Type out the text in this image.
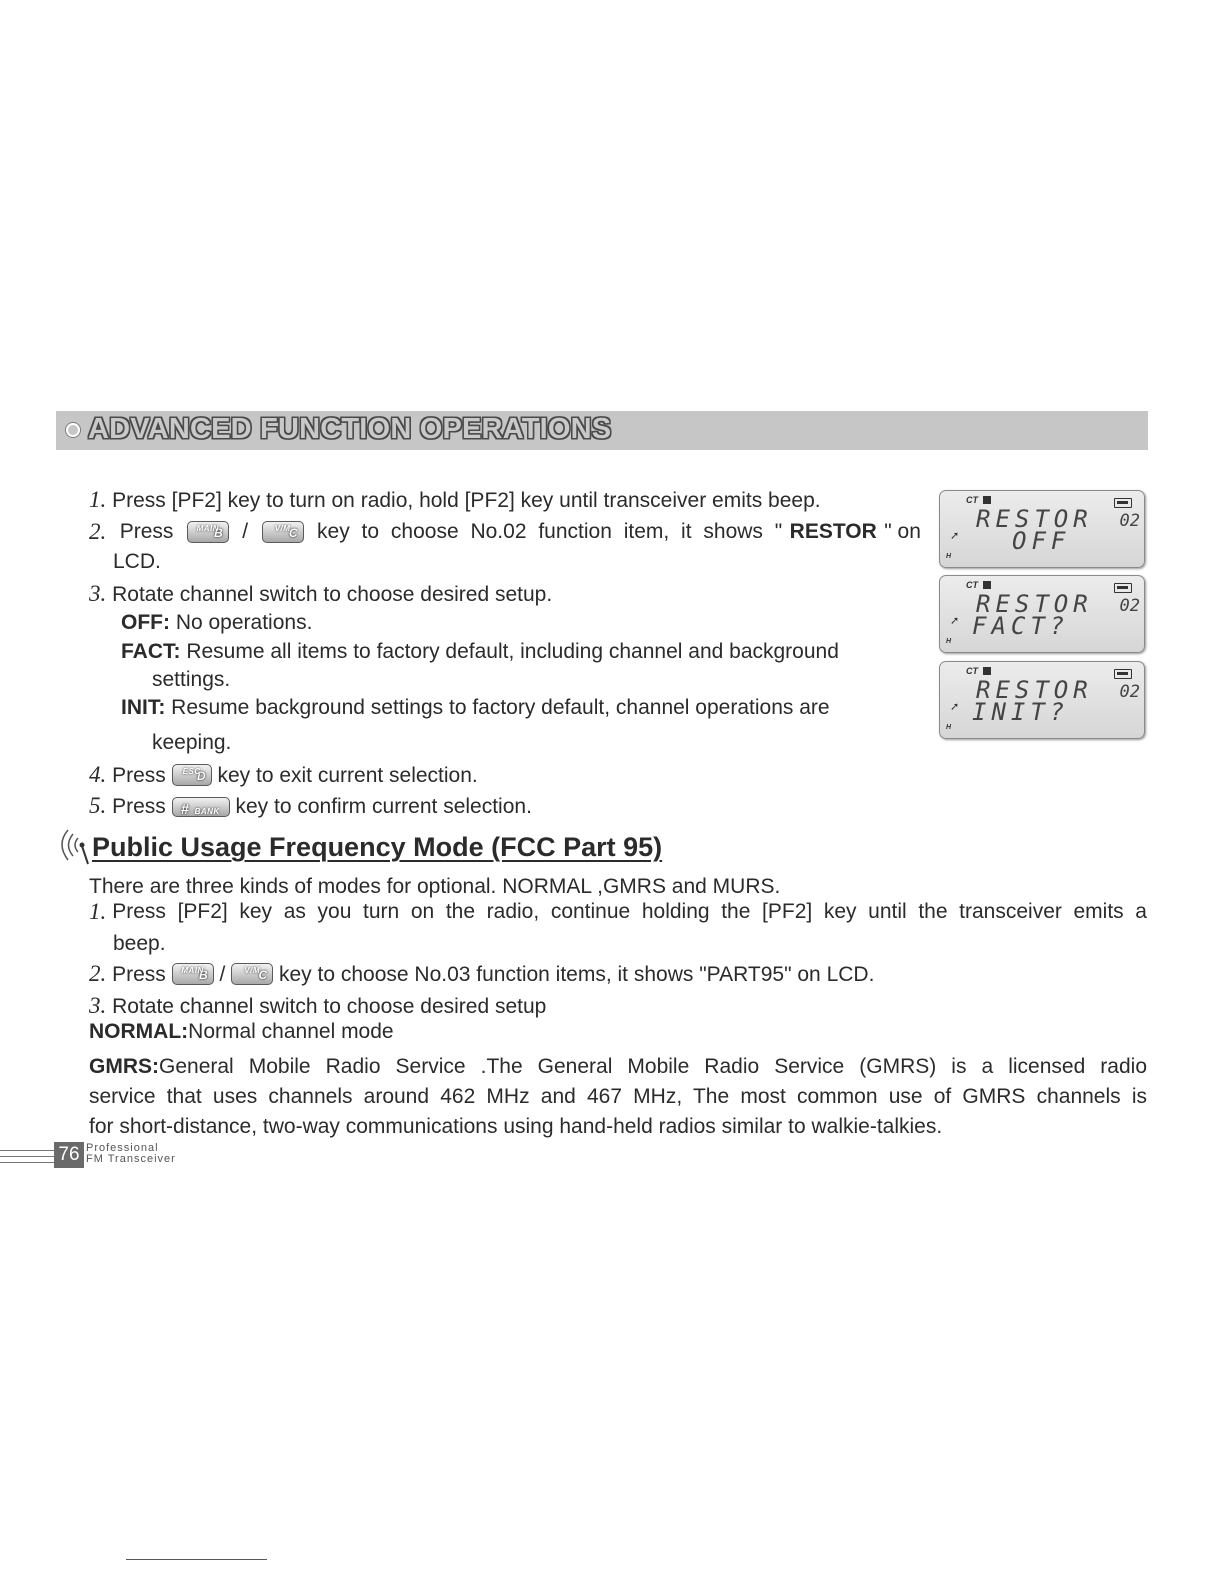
ADVANCED FUNCTION OPERATIONS
1. Press [PF2] key to turn on radio, hold [PF2] key until transceiver emits beep.
2. Press	B
MAIN	/	C
V/M	key to choose No.02 function item, it shows " RESTOR " on
LCD.
3. Rotate channel switch to choose desired setup.
OFF: No operations.
FACT: Resume all items to factory default, including channel and background
settings.
INIT: Resume background settings to factory default, channel operations are
keeping.
4. Press	D
ESC key to exit current selection.
5. Press # BANK key to confirm current selection.
CT
RESTOR
OFF
02
➚
H
CT
RESTOR
FACT?
02
➚
H
CT
RESTOR
INIT?
02
➚
H
Public Usage Frequency Mode (FCC Part 95)
There are three kinds of modes for optional. NORMAL ,GMRS and MURS.
1. Press [PF2] key as you turn on the radio, continue holding the [PF2] key until the transceiver emits a
beep.
2. Press	B
MAIN /	C
V/M key to choose No.03 function items, it shows "PART95" on LCD.
3. Rotate channel switch to choose desired setup
NORMAL:Normal channel mode
GMRS:General Mobile Radio Service .The General Mobile Radio Service (GMRS) is a licensed radio
service that uses channels around 462 MHz and 467 MHz, The most common use of GMRS channels is
for short-distance, two-way communications using hand-held radios similar to walkie-talkies.
76 Professional
FM Transceiver
